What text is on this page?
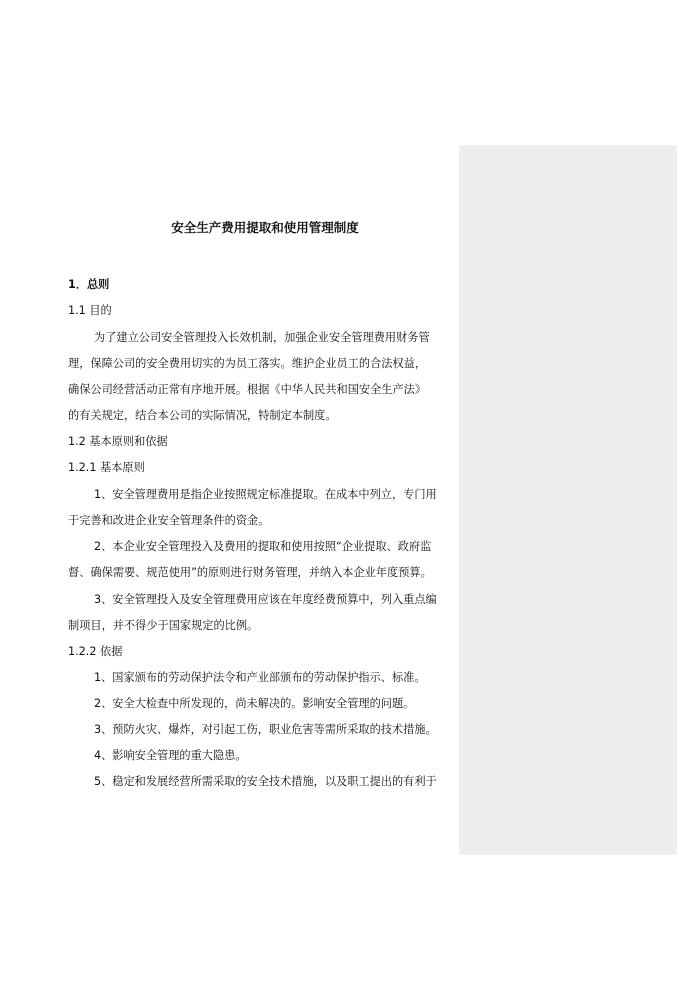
安全生产费用提取和使用管理制度
1．总则
1.1 目的
为了建立公司安全管理投入长效机制，加强企业安全管理费用财务管
理，保障公司的安全费用切实的为员工落实。维护企业员工的合法权益，
确保公司经营活动正常有序地开展。根据《中华人民共和国安全生产法》
的有关规定，结合本公司的实际情况，特制定本制度。
1.2 基本原则和依据
1.2.1 基本原则
1、安全管理费用是指企业按照规定标准提取。在成本中列立，专门用
于完善和改进企业安全管理条件的资金。
2、本企业安全管理投入及费用的提取和使用按照“企业提取、政府监
督、确保需要、规范使用”的原则进行财务管理，并纳入本企业年度预算。
3、安全管理投入及安全管理费用应该在年度经费预算中，列入重点编
制项目，并不得少于国家规定的比例。
1.2.2 依据
1、国家颁布的劳动保护法令和产业部颁布的劳动保护指示、标准。
2、安全大检查中所发现的，尚未解决的。影响安全管理的问题。
3、预防火灾、爆炸，对引起工伤，职业危害等需所采取的技术措施。
4、影响安全管理的重大隐患。
5、稳定和发展经营所需采取的安全技术措施，以及职工提出的有利于
